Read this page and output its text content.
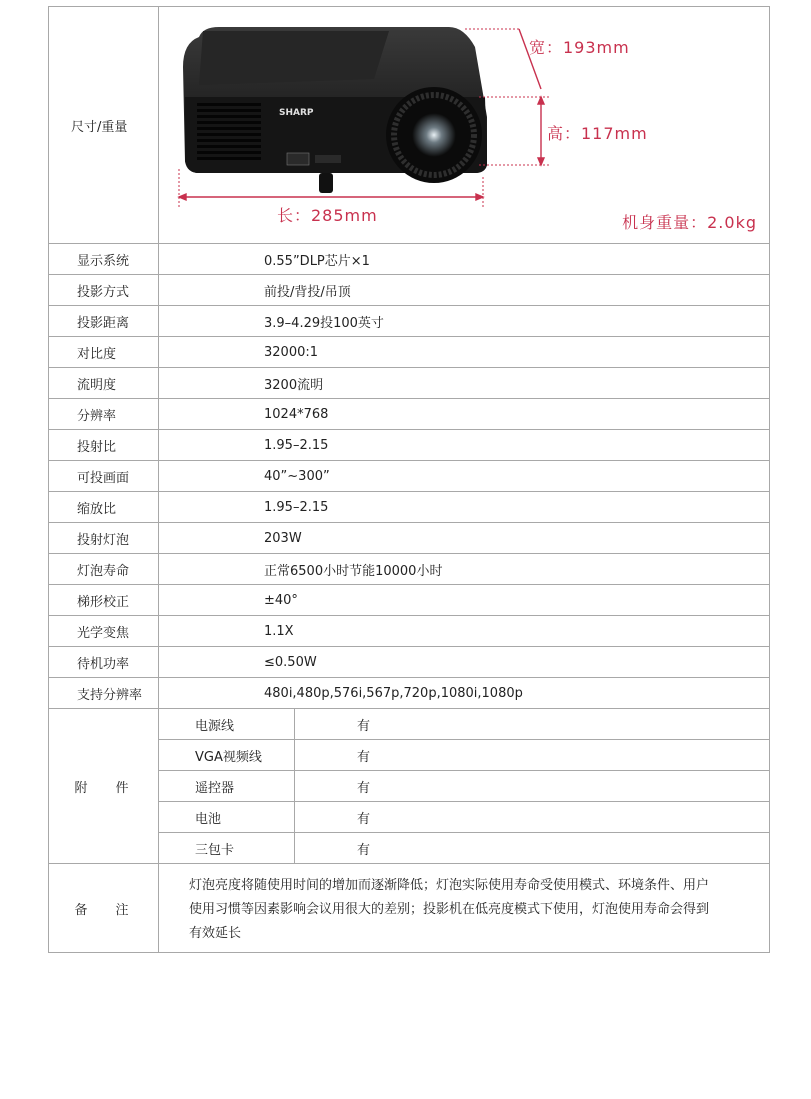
尺寸/重量	SHARP
宽：193mm
高：117mm
长：285mm 机身重量：2.0kg	

显示系统	0.55”DLP芯片×1	
投影方式	前投/背投/吊顶	
投影距离	3.9–4.29投100英寸	
对比度	32000:1	
流明度	3200流明	
分辨率	1024*768	
投射比	1.95–2.15	
可投画面	40”~300”	
缩放比	1.95–2.15	
投射灯泡	203W	
灯泡寿命	正常6500小时节能10000小时	
梯形校正	±40°	
光学变焦	1.1X	
待机功率	≤0.50W	
支持分辨率	480i,480p,576i,567p,720p,1080i,1080p	
附件	电源线	有
	VGA视频线	有
	遥控器	有
	电池	有
	三包卡	有
备注	灯泡亮度将随使用时间的增加而逐渐降低；灯泡实际使用寿命受使用模式、环境条件、用户使用习惯等因素影响会议用很大的差别；投影机在低亮度模式下使用，灯泡使用寿命会得到有效延长	
